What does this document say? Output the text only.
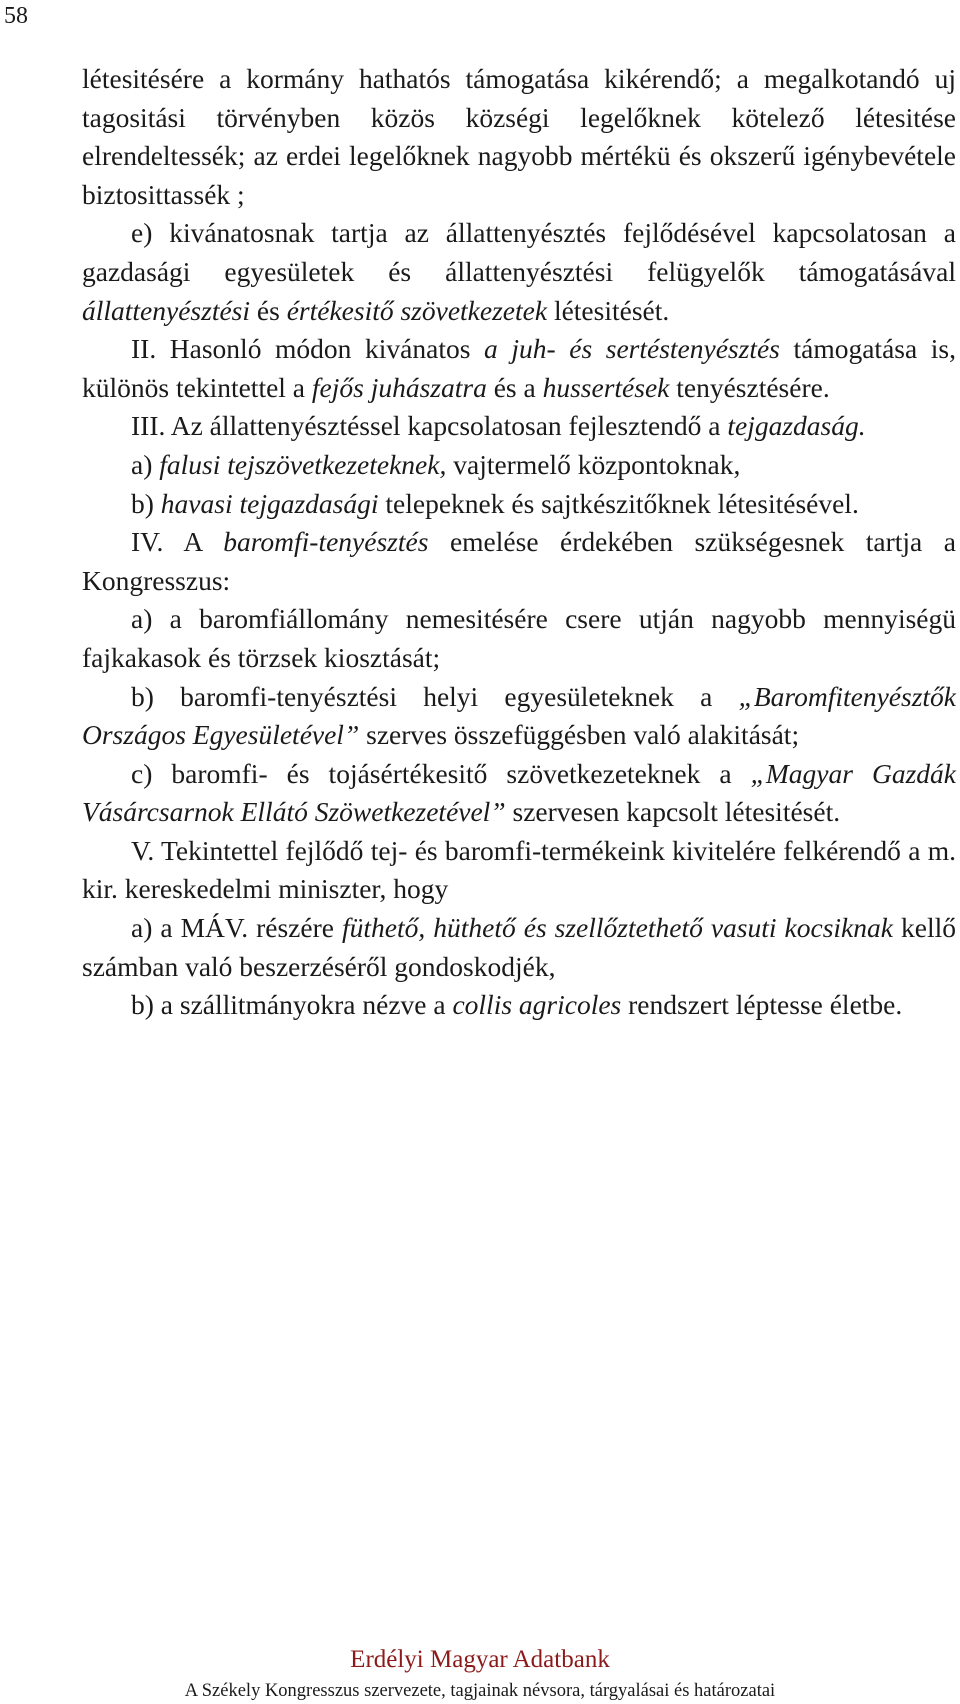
58

létesitésére a kormány hathatós támogatása kikérendő; a megalkotandó uj tagositási törvényben közös községi legelőknek kötelező létesitése elrendeltessék; az erdei legelőknek nagyobb mértékü és okszerű igénybevétele biztosittassék ;

e) kivánatosnak tartja az állattenyésztés fejlődésével kapcsolatosan a gazdasági egyesületek és állattenyésztési felügyelők támogatásával állattenyésztési és értékesitő szövetkezetek létesitését.

II. Hasonló módon kivánatos a juh- és sertéstenyésztés támogatása is, különös tekintettel a fejős juhászatra és a hussertések tenyésztésére.

III. Az állattenyésztéssel kapcsolatosan fejlesztendő a tejgazdaság.

a) falusi tejszövetkezeteknek, vajtermelő központoknak,

b) havasi tejgazdasági telepeknek és sajtkészitőknek létesitésével.

IV. A baromfi-tenyésztés emelése érdekében szükségesnek tartja a Kongresszus:

a) a baromfiállomány nemesitésére csere utján nagyobb mennyiségü fajkakasok és törzsek kiosztását;

b) baromfi-tenyésztési helyi egyesületeknek a „Baromfitenyésztők Országos Egyesületével” szerves összefüggésben való alakitását;

c) baromfi- és tojásértékesitő szövetkezeteknek a „Magyar Gazdák Vásárcsarnok Ellátó Szöwetkezetével” szervesen kapcsolt létesitését.

V. Tekintettel fejlődő tej- és baromfi-termékeink kivitelére felkérendő a m. kir. kereskedelmi miniszter, hogy

a) a MÁV. részére füthető, hüthető és szellőztethető vasuti kocsiknak kellő számban való beszerzéséről gondoskodjék,

b) a szállitmányokra nézve a collis agricoles rendszert léptesse életbe.

Erdélyi Magyar Adatbank
A Székely Kongresszus szervezete, tagjainak névsora, tárgyalásai és határozatai
